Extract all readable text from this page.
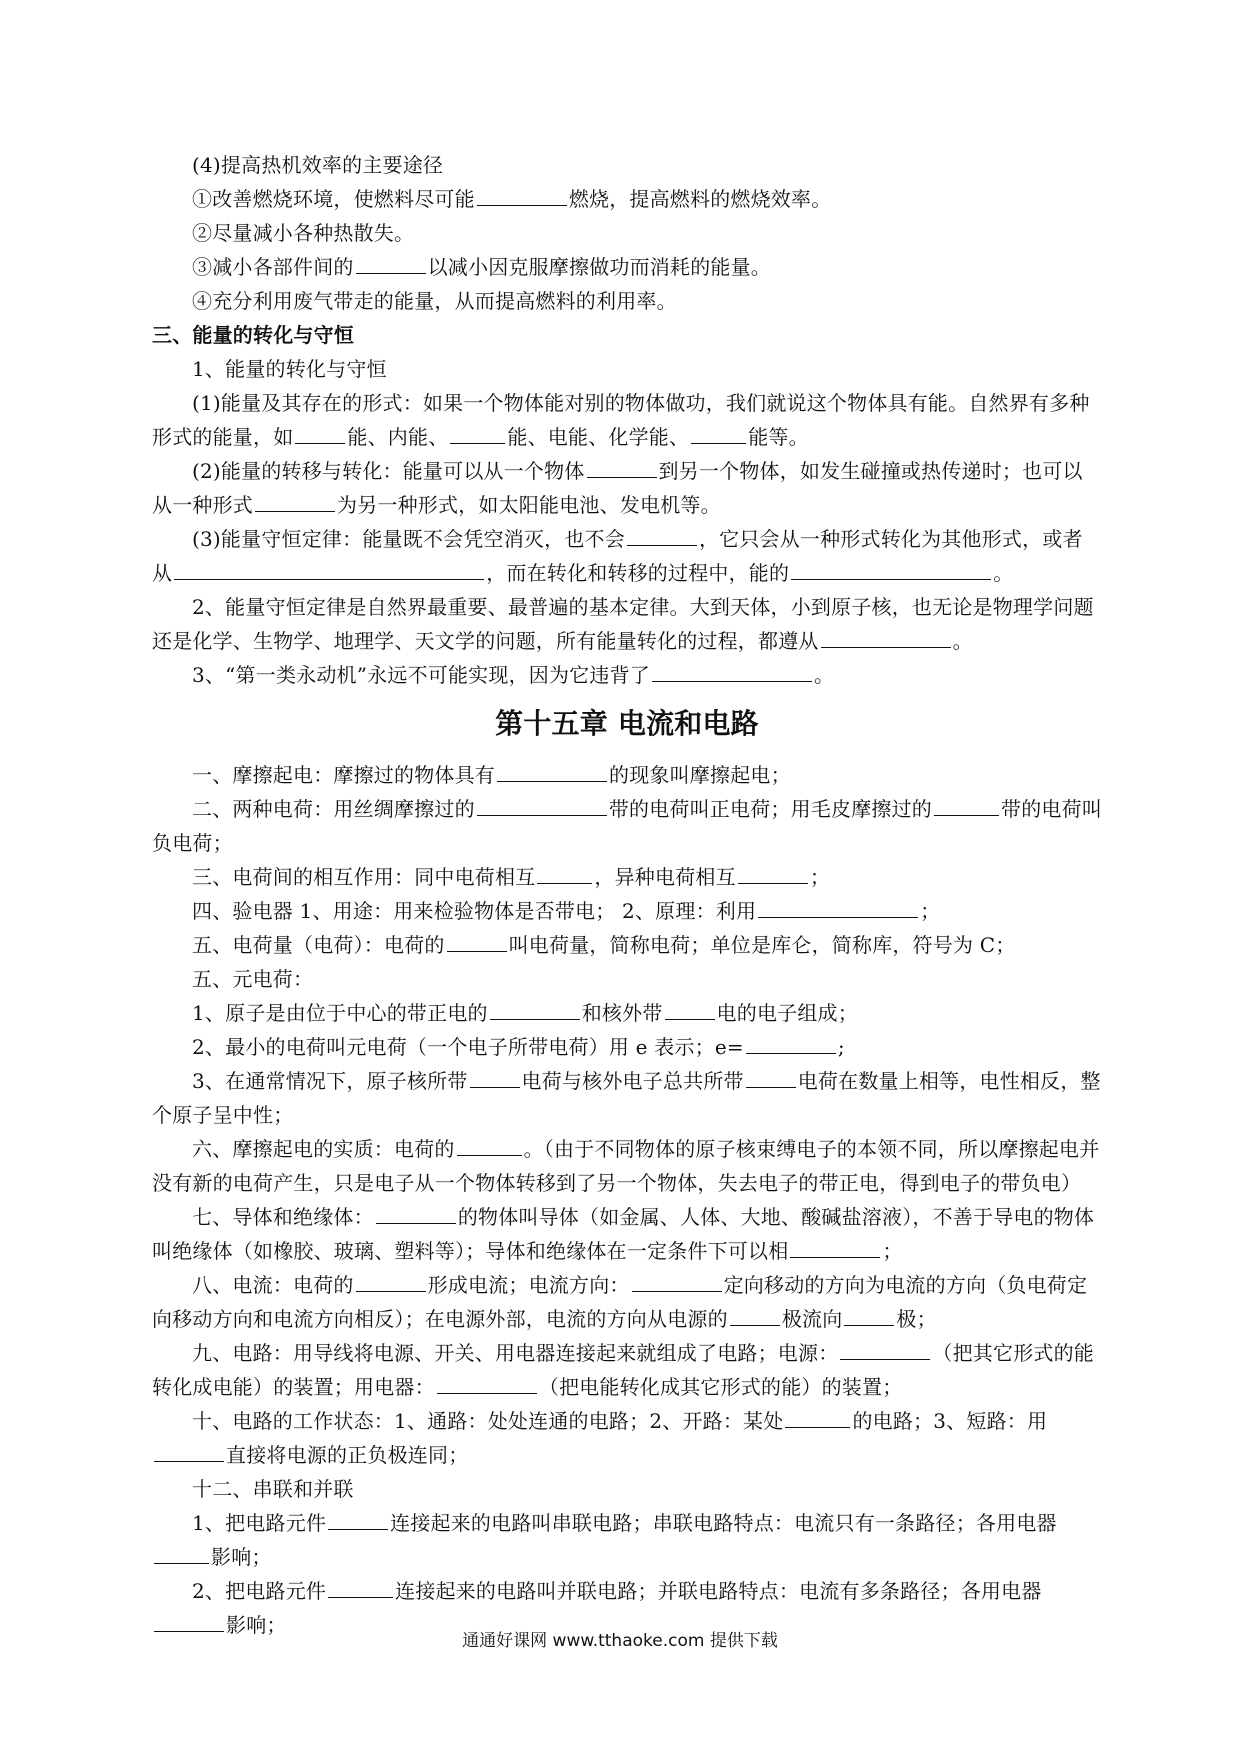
(4)提高热机效率的主要途径

①改善燃烧环境，使燃料尽可能	燃烧，提高燃料的燃烧效率。

②尽量减小各种热散失。

③减小各部件间的	以减小因克服摩擦做功而消耗的能量。

④充分利用废气带走的能量，从而提高燃料的利用率。

三、能量的转化与守恒

1、能量的转化与守恒

(1)能量及其存在的形式：如果一个物体能对别的物体做功，我们就说这个物体具有能。自然界有多种形式的能量，如	能、内能、	能、电能、化学能、	能等。

(2)能量的转移与转化：能量可以从一个物体	到另一个物体，如发生碰撞或热传递时；也可以从一种形式	为另一种形式，如太阳能电池、发电机等。

(3)能量守恒定律：能量既不会凭空消灭，也不会	，它只会从一种形式转化为其他形式，或者从	，而在转化和转移的过程中，能的	。

2、能量守恒定律是自然界最重要、最普遍的基本定律。大到天体，小到原子核，也无论是物理学问题还是化学、生物学、地理学、天文学的问题，所有能量转化的过程，都遵从	。

3、“第一类永动机”永远不可能实现，因为它违背了	。

第十五章 电流和电路

一、摩擦起电：摩擦过的物体具有	的现象叫摩擦起电；

二、两种电荷：用丝绸摩擦过的	带的电荷叫正电荷；用毛皮摩擦过的	带的电荷叫负电荷；

三、电荷间的相互作用：同中电荷相互	，异种电荷相互	；

四、验电器 1、用途：用来检验物体是否带电； 2、原理：利用	；

五、电荷量（电荷）：电荷的	叫电荷量，简称电荷；单位是库仑，简称库，符号为 C；

五、元电荷：

1、原子是由位于中心的带正电的	和核外带	电的电子组成；

2、最小的电荷叫元电荷（一个电子所带电荷）用 e 表示；e=	;

3、在通常情况下，原子核所带	电荷与核外电子总共所带	电荷在数量上相等，电性相反，整个原子呈中性；

六、摩擦起电的实质：电荷的	。（由于不同物体的原子核束缚电子的本领不同，所以摩擦起电并没有新的电荷产生，只是电子从一个物体转移到了另一个物体，失去电子的带正电，得到电子的带负电）

七、导体和绝缘体：	的物体叫导体（如金属、人体、大地、酸碱盐溶液），不善于导电的物体叫绝缘体（如橡胶、玻璃、塑料等）；导体和绝缘体在一定条件下可以相	；

八、电流：电荷的	形成电流；电流方向：	定向移动的方向为电流的方向（负电荷定向移动方向和电流方向相反）；在电源外部，电流的方向从电源的	极流向	极；

九、电路：用导线将电源、开关、用电器连接起来就组成了电路；电源：	（把其它形式的能转化成电能）的装置；用电器：	（把电能转化成其它形式的能）的装置；

十、电路的工作状态：1、通路：处处连通的电路；2、开路：某处	的电路；3、短路：用直接将电源的正负极连同；

十二、串联和并联

1、把电路元件	连接起来的电路叫串联电路；串联电路特点：电流只有一条路径；各用电器影响；

2、把电路元件	连接起来的电路叫并联电路；并联电路特点：电流有多条路径；各用电器影响；

通通好课网 www.tthaoke.com 提供下载
